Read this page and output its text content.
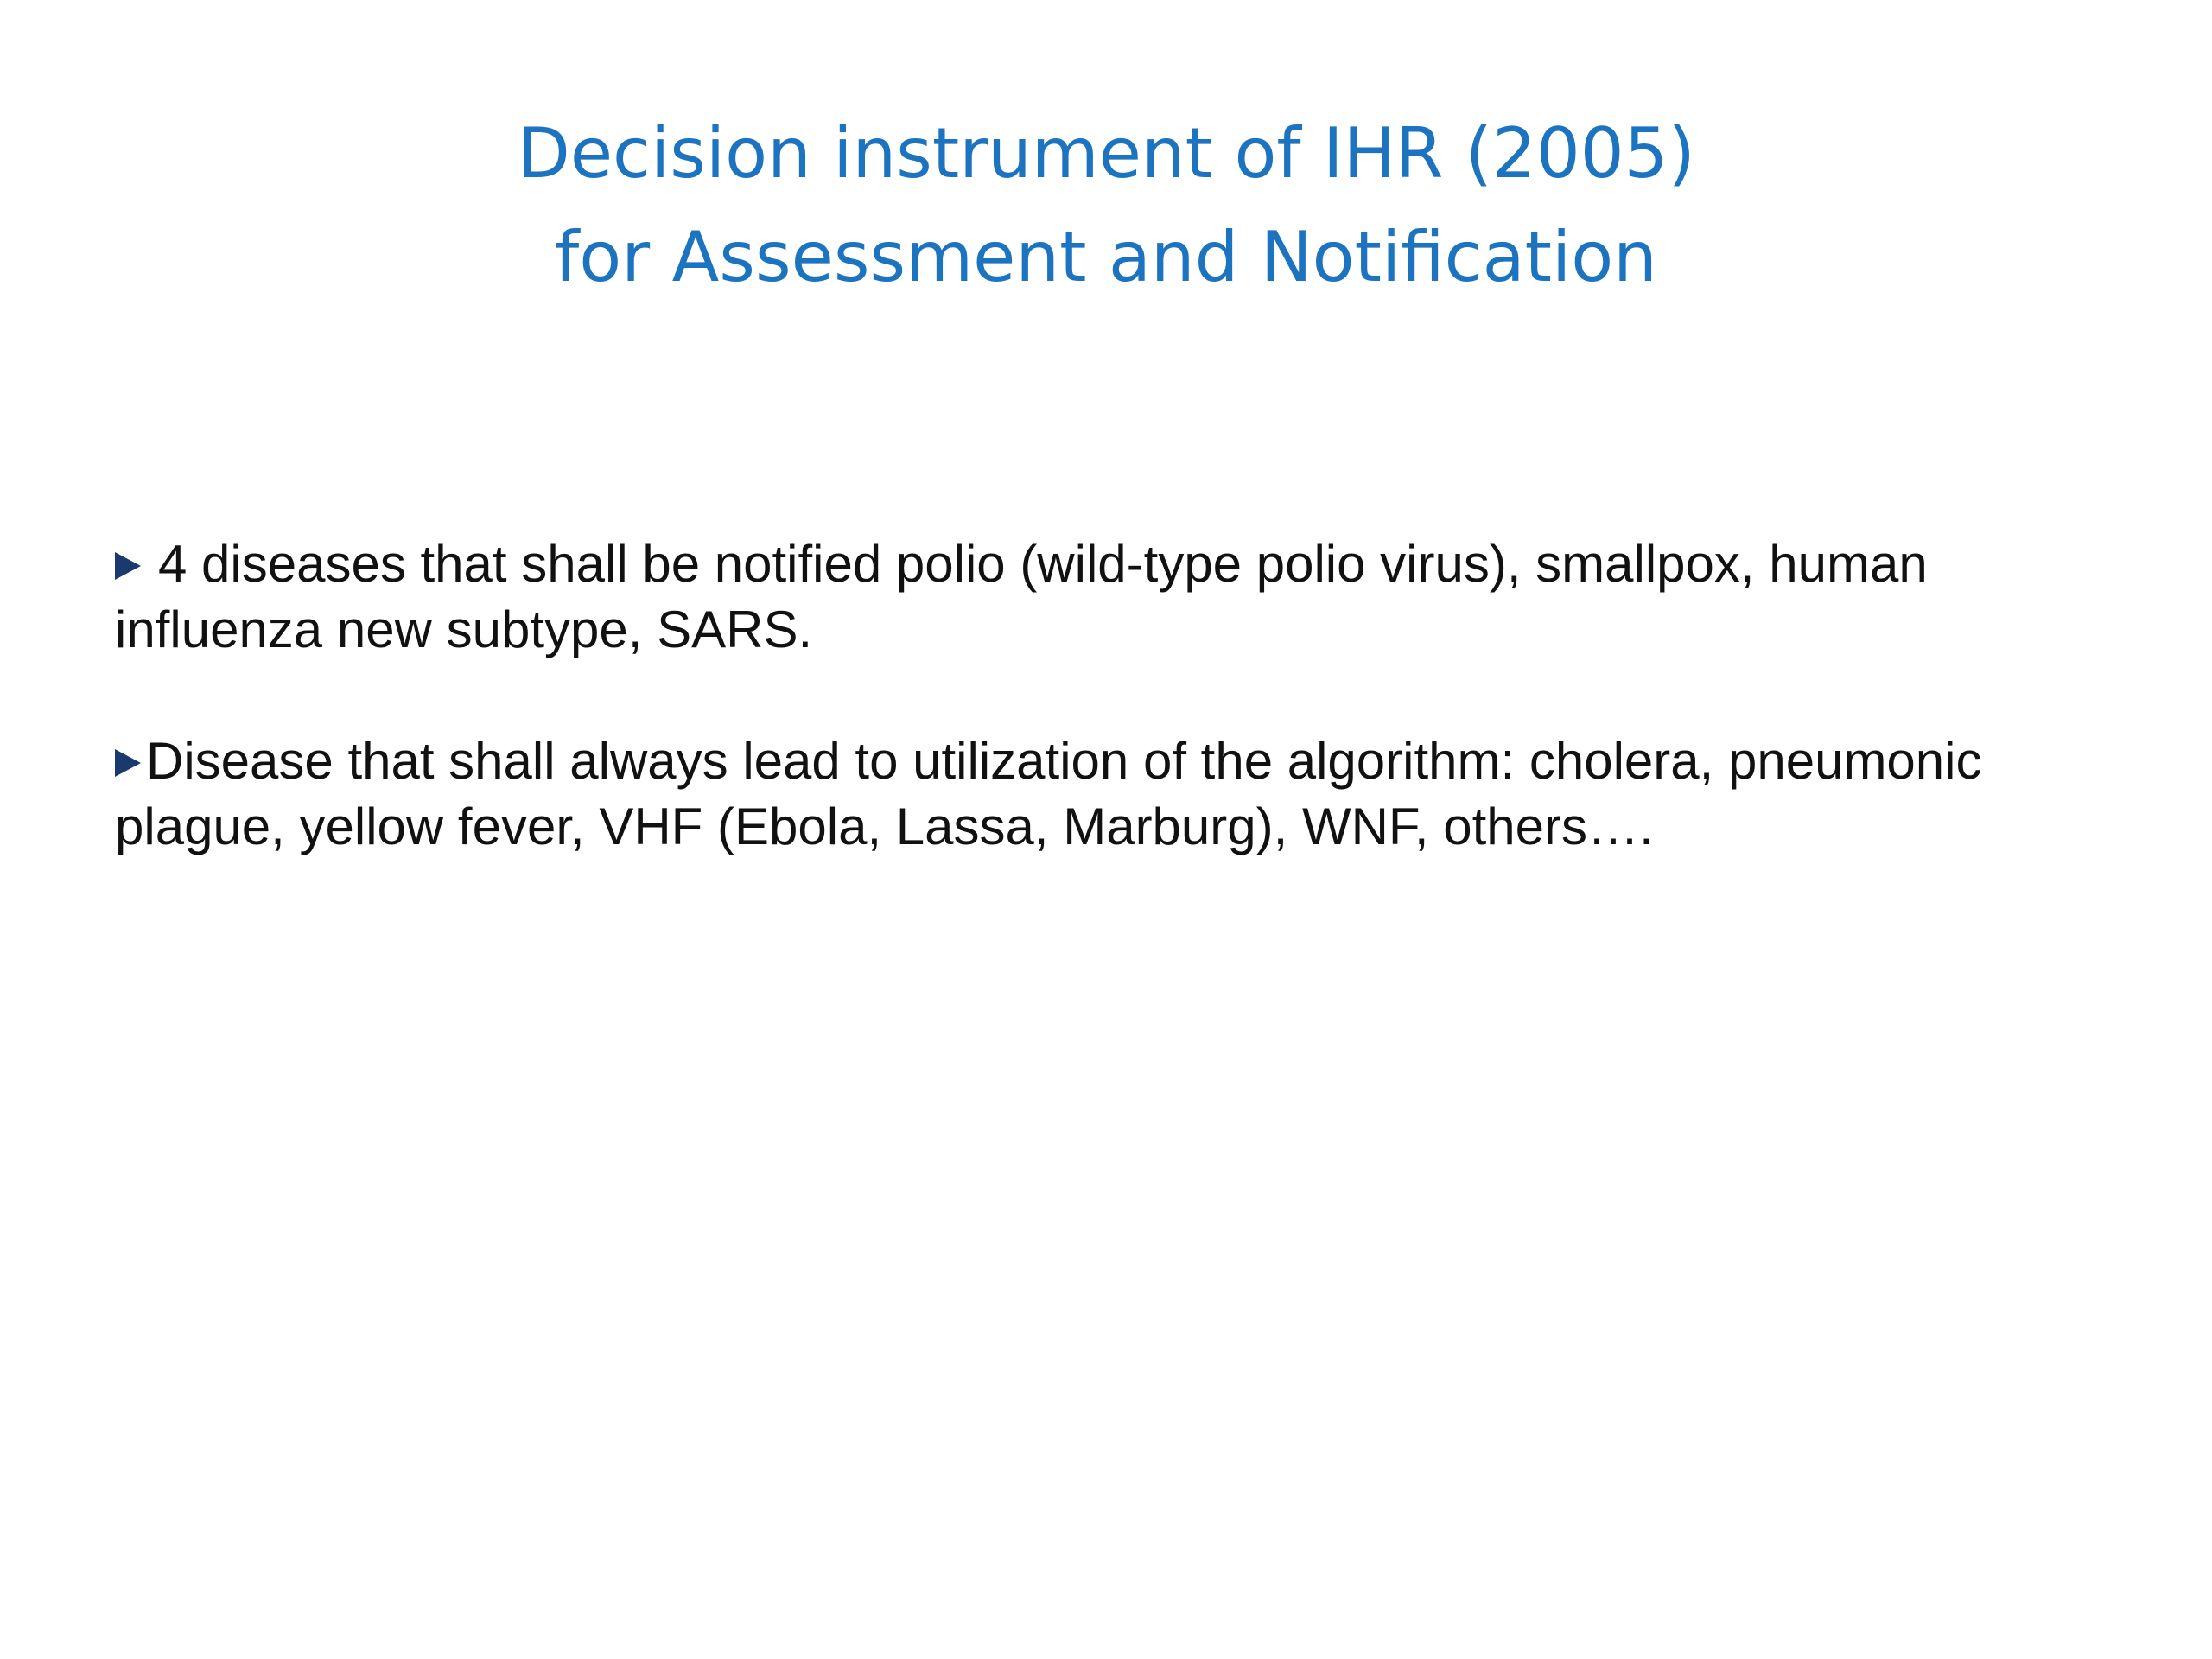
Decision instrument of IHR (2005)
for Assessment and Notification
4 diseases that shall be notified polio (wild-type polio virus), smallpox, human influenza new subtype, SARS.
Disease that shall always lead to utilization of the algorithm: cholera, pneumonic plague, yellow fever, VHF (Ebola, Lassa, Marburg), WNF, others….
